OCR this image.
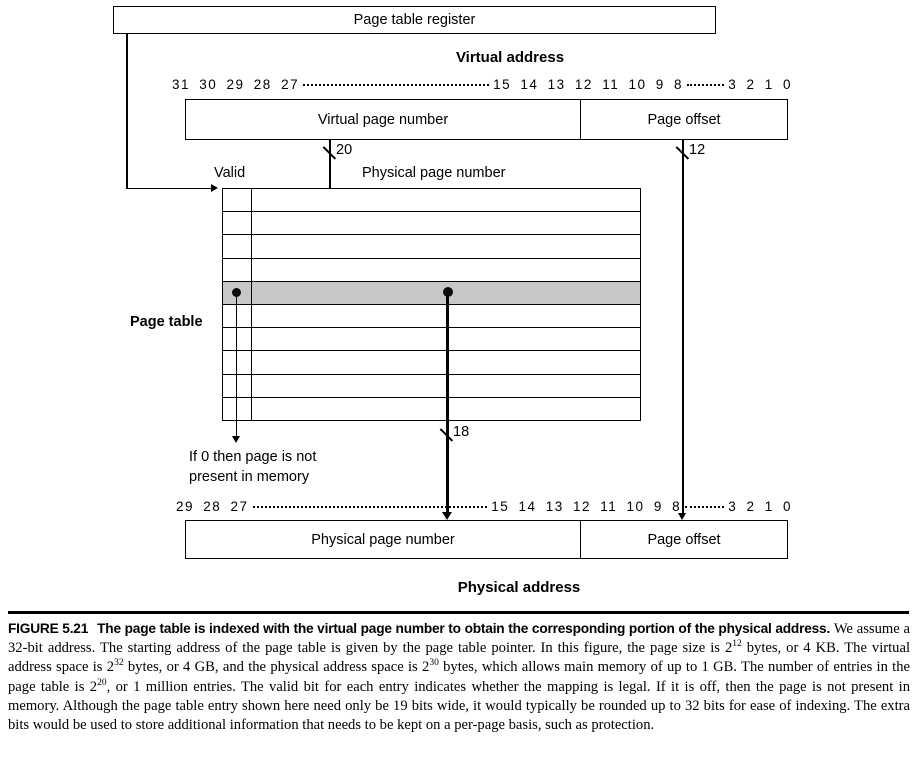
Page table register
Virtual address
31 30 29 28 27	15 14 13 12 11 10 9 8	3 2 1 0
Virtual page number	Page offset
20	12
Valid	Physical page number
Page table
18
If 0 then page is not
present in memory
29 28 27	15 14 13 12 11 10 9 8	3 2 1 0
Physical page number	Page offset
Physical address

FIGURE 5.21 The page table is indexed with the virtual page number to obtain the corresponding portion of the physical address. We assume a 32-bit address. The starting address of the page table is given by the page table pointer. In this figure, the page size is $2^{12}$ bytes, or 4 KB. The virtual address space is $2^{32}$ bytes, or 4 GB, and the physical address space is $2^{30}$ bytes, which allows main memory of up to 1 GB. The number of entries in the page table is $2^{20}$, or 1 million entries. The valid bit for each entry indicates whether the mapping is legal. If it is off, then the page is not present in memory. Although the page table entry shown here need only be 19 bits wide, it would typically be rounded up to 32 bits for ease of indexing. The extra bits would be used to store additional information that needs to be kept on a per-page basis, such as protection.
